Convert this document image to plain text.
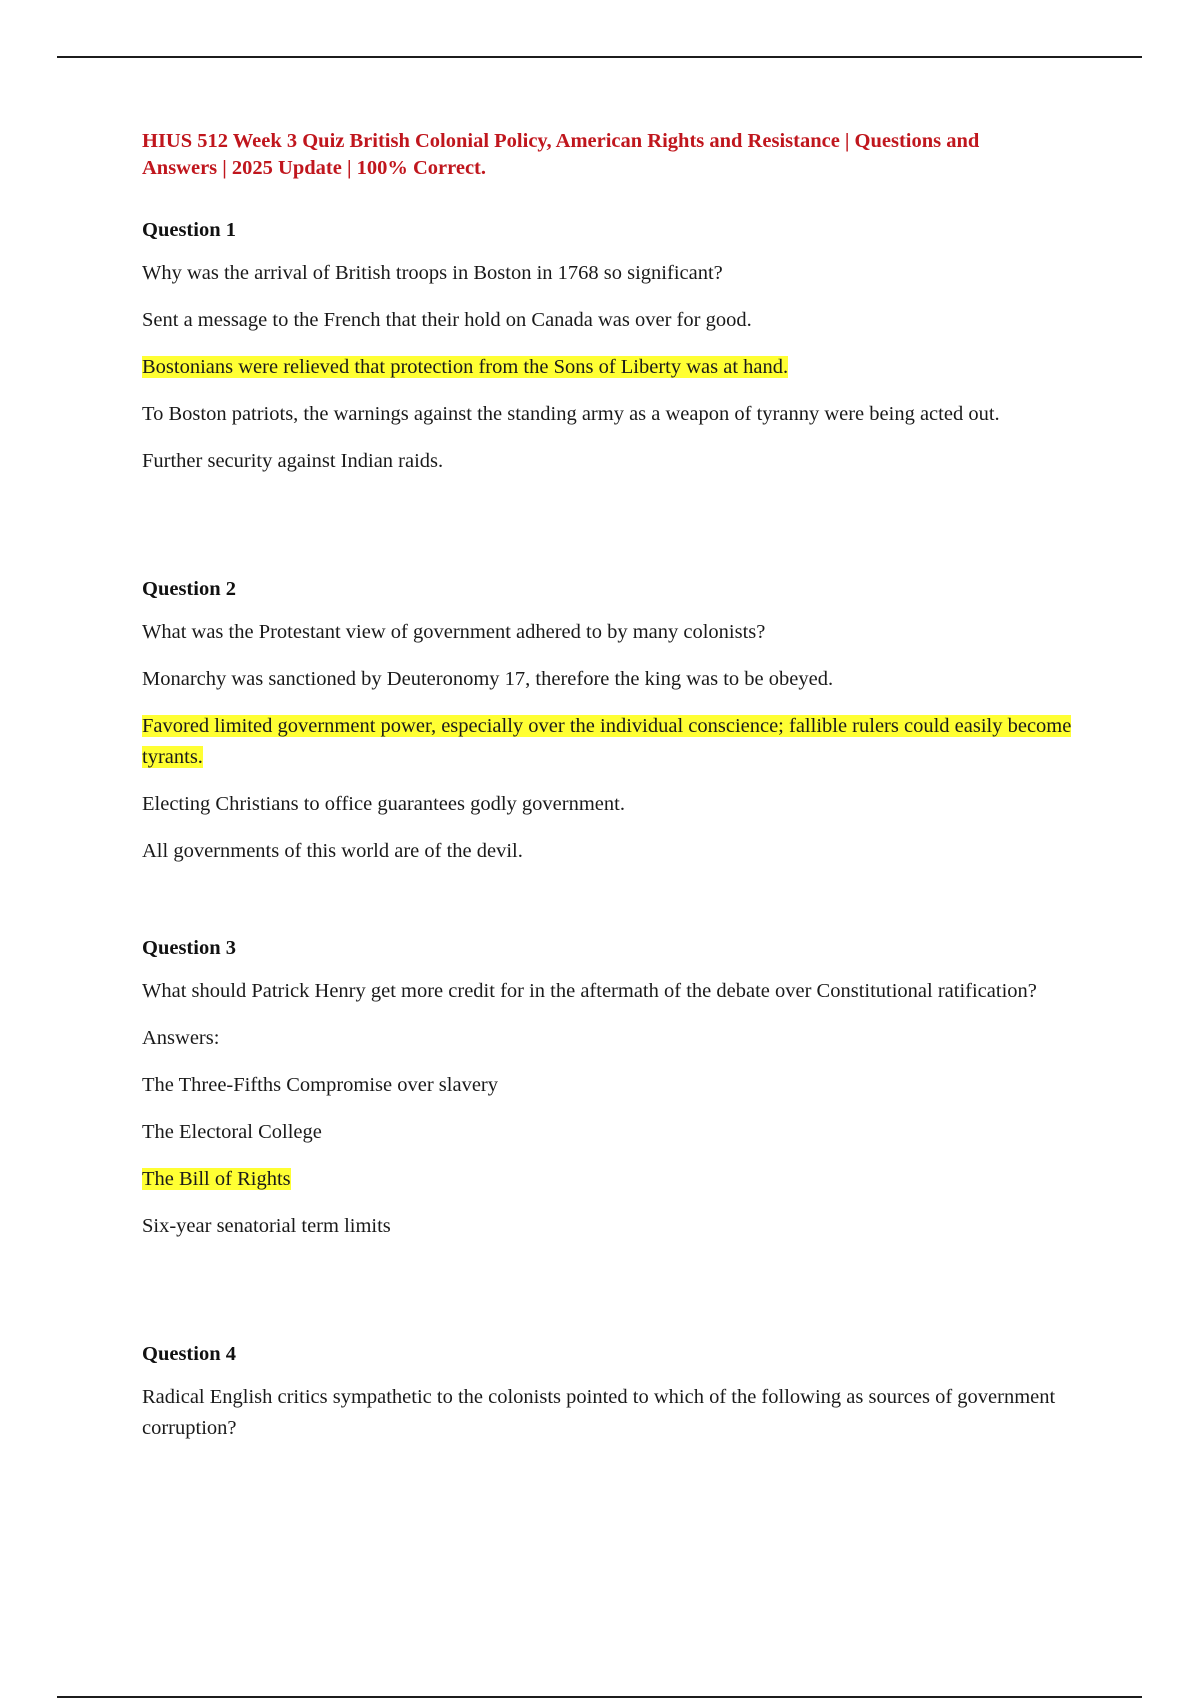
HIUS 512 Week 3 Quiz British Colonial Policy, American Rights and Resistance | Questions and Answers | 2025 Update | 100% Correct.

Question 1

Why was the arrival of British troops in Boston in 1768 so significant?

Sent a message to the French that their hold on Canada was over for good.

Bostonians were relieved that protection from the Sons of Liberty was at hand.

To Boston patriots, the warnings against the standing army as a weapon of tyranny were being acted out.

Further security against Indian raids.

Question 2

What was the Protestant view of government adhered to by many colonists?

Monarchy was sanctioned by Deuteronomy 17, therefore the king was to be obeyed.

Favored limited government power, especially over the individual conscience; fallible rulers could easily become tyrants.

Electing Christians to office guarantees godly government.

All governments of this world are of the devil.

Question 3

What should Patrick Henry get more credit for in the aftermath of the debate over Constitutional ratification?

Answers:

The Three-Fifths Compromise over slavery

The Electoral College

The Bill of Rights

Six-year senatorial term limits

Question 4

Radical English critics sympathetic to the colonists pointed to which of the following as sources of government corruption?
